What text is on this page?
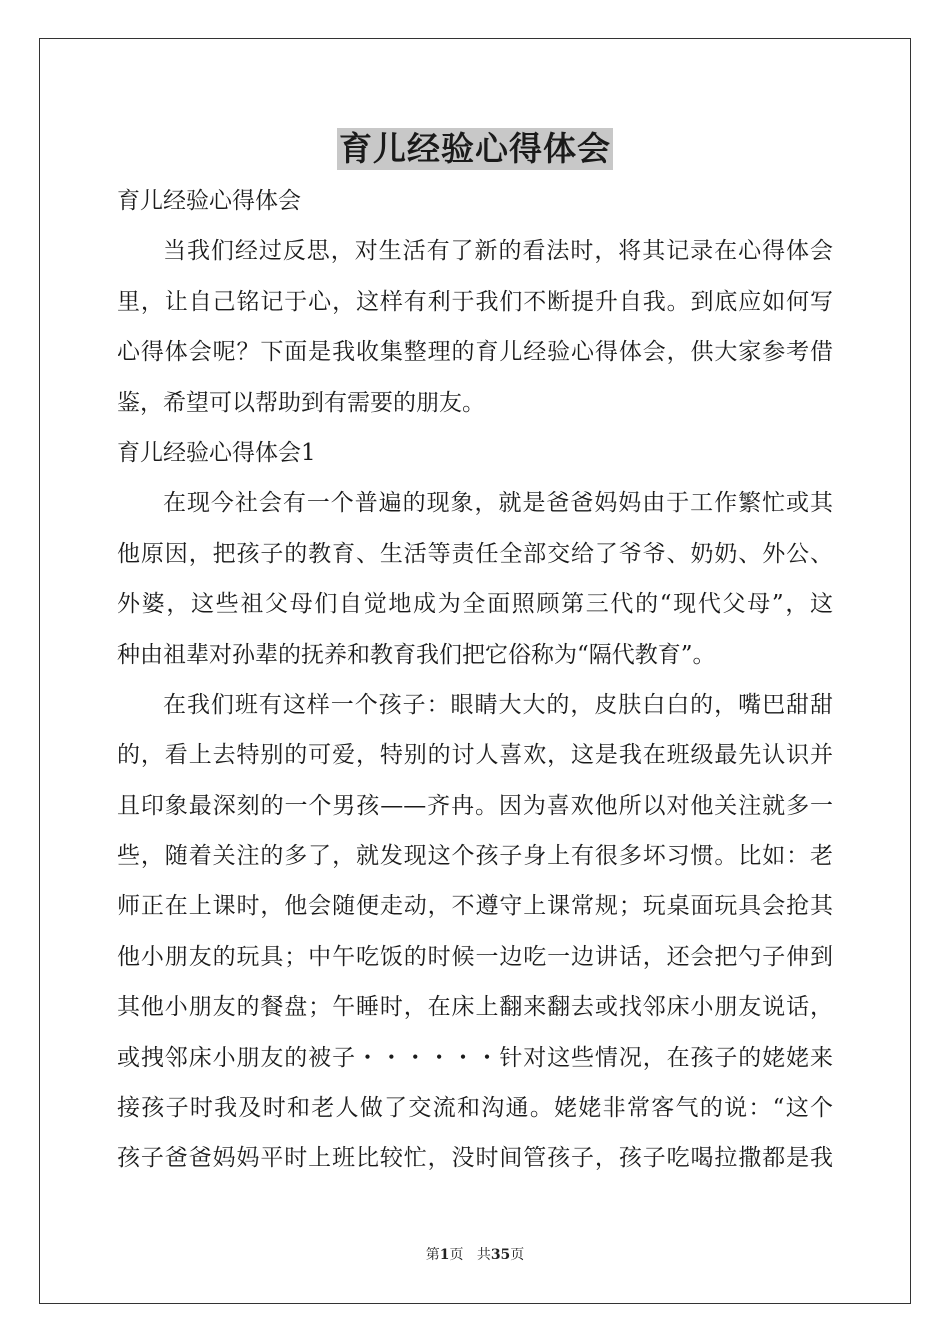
育儿经验心得体会
育儿经验心得体会
当我们经过反思，对生活有了新的看法时，将其记录在心得体会
里，让自己铭记于心，这样有利于我们不断提升自我。到底应如何写
心得体会呢？下面是我收集整理的育儿经验心得体会，供大家参考借
鉴，希望可以帮助到有需要的朋友。
育儿经验心得体会1
在现今社会有一个普遍的现象，就是爸爸妈妈由于工作繁忙或其
他原因，把孩子的教育、生活等责任全部交给了爷爷、奶奶、外公、
外婆，这些祖父母们自觉地成为全面照顾第三代的“现代父母”，这
种由祖辈对孙辈的抚养和教育我们把它俗称为“隔代教育”。
在我们班有这样一个孩子：眼睛大大的，皮肤白白的，嘴巴甜甜
的，看上去特别的可爱，特别的讨人喜欢，这是我在班级最先认识并
且印象最深刻的一个男孩——齐冉。因为喜欢他所以对他关注就多一
些，随着关注的多了，就发现这个孩子身上有很多坏习惯。比如：老
师正在上课时，他会随便走动，不遵守上课常规；玩桌面玩具会抢其
他小朋友的玩具；中午吃饭的时候一边吃一边讲话，还会把勺子伸到
其他小朋友的餐盘；午睡时，在床上翻来翻去或找邻床小朋友说话，
或拽邻床小朋友的被子・・・・・・针对这些情况，在孩子的姥姥来
接孩子时我及时和老人做了交流和沟通。姥姥非常客气的说：“这个
孩子爸爸妈妈平时上班比较忙，没时间管孩子，孩子吃喝拉撒都是我
第1页 共35页
